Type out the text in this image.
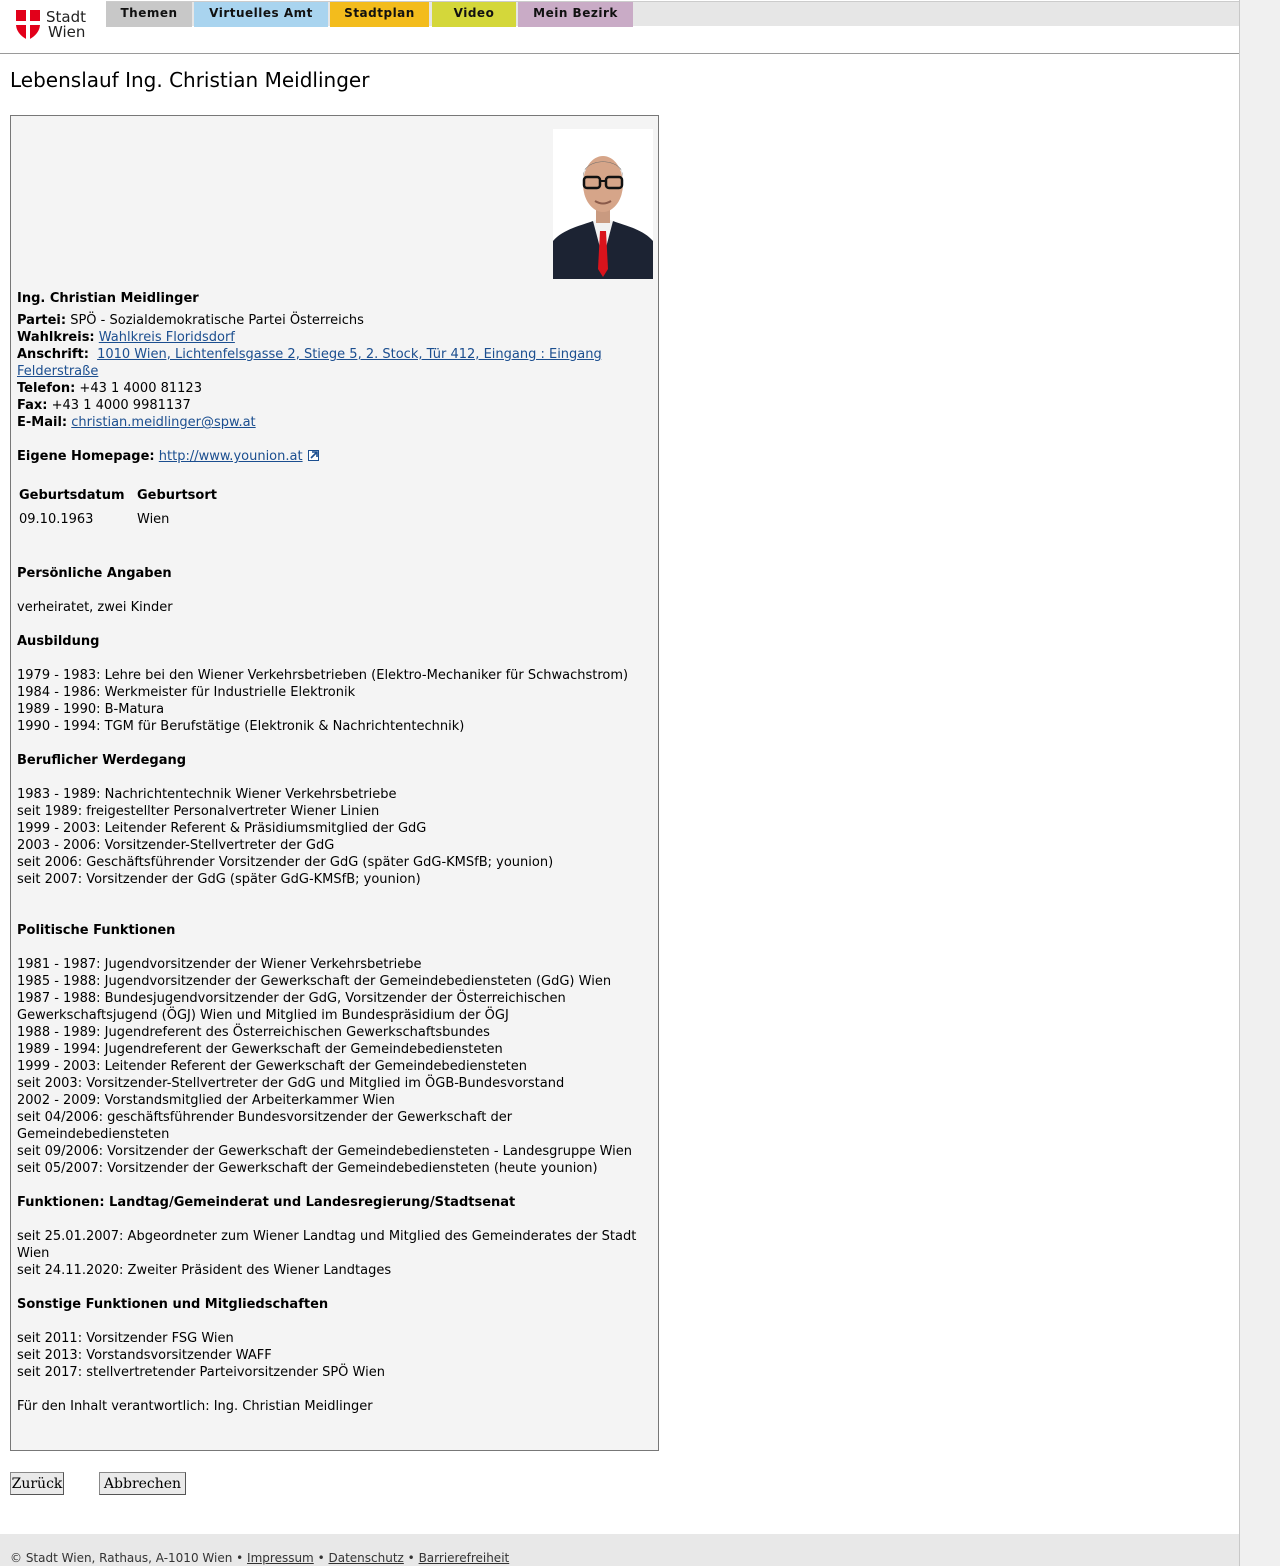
Stadt
Wien
Themen	Virtuelles Amt	Stadtplan	Video	Mein Bezirk
Lebenslauf Ing. Christian Meidlinger
Ing. Christian Meidlinger
Partei: SPÖ - Sozialdemokratische Partei Österreichs
Wahlkreis: Wahlkreis Floridsdorf
Anschrift: 1010 Wien, Lichtenfelsgasse 2, Stiege 5, 2. Stock, Tür 412, Eingang : Eingang
Felderstraße
Telefon: +43 1 4000 81123
Fax: +43 1 4000 9981137
E-Mail: christian.meidlinger@spw.at
Eigene Homepage: http://www.younion.at
Geburtsdatum Geburtsort
09.10.1963	Wien
Persönliche Angaben
verheiratet, zwei Kinder
Ausbildung
1979 - 1983: Lehre bei den Wiener Verkehrsbetrieben (Elektro-Mechaniker für Schwachstrom)
1984 - 1986: Werkmeister für Industrielle Elektronik
1989 - 1990: B-Matura
1990 - 1994: TGM für Berufstätige (Elektronik & Nachrichtentechnik)
Beruflicher Werdegang
1983 - 1989: Nachrichtentechnik Wiener Verkehrsbetriebe
seit 1989: freigestellter Personalvertreter Wiener Linien
1999 - 2003: Leitender Referent & Präsidiumsmitglied der GdG
2003 - 2006: Vorsitzender-Stellvertreter der GdG
seit 2006: Geschäftsführender Vorsitzender der GdG (später GdG-KMSfB; younion)
seit 2007: Vorsitzender der GdG (später GdG-KMSfB; younion)
Politische Funktionen
1981 - 1987: Jugendvorsitzender der Wiener Verkehrsbetriebe
1985 - 1988: Jugendvorsitzender der Gewerkschaft der Gemeindebediensteten (GdG) Wien
1987 - 1988: Bundesjugendvorsitzender der GdG, Vorsitzender der Österreichischen
Gewerkschaftsjugend (ÖGJ) Wien und Mitglied im Bundespräsidium der ÖGJ
1988 - 1989: Jugendreferent des Österreichischen Gewerkschaftsbundes
1989 - 1994: Jugendreferent der Gewerkschaft der Gemeindebediensteten
1999 - 2003: Leitender Referent der Gewerkschaft der Gemeindebediensteten
seit 2003: Vorsitzender-Stellvertreter der GdG und Mitglied im ÖGB-Bundesvorstand
2002 - 2009: Vorstandsmitglied der Arbeiterkammer Wien
seit 04/2006: geschäftsführender Bundesvorsitzender der Gewerkschaft der
Gemeindebediensteten
seit 09/2006: Vorsitzender der Gewerkschaft der Gemeindebediensteten - Landesgruppe Wien
seit 05/2007: Vorsitzender der Gewerkschaft der Gemeindebediensteten (heute younion)
Funktionen: Landtag/Gemeinderat und Landesregierung/Stadtsenat
seit 25.01.2007: Abgeordneter zum Wiener Landtag und Mitglied des Gemeinderates der Stadt
Wien
seit 24.11.2020: Zweiter Präsident des Wiener Landtages
Sonstige Funktionen und Mitgliedschaften
seit 2011: Vorsitzender FSG Wien
seit 2013: Vorstandsvorsitzender WAFF
seit 2017: stellvertretender Parteivorsitzender SPÖ Wien
Für den Inhalt verantwortlich: Ing. Christian Meidlinger
Zurück	Abbrechen
© Stadt Wien, Rathaus, A-1010 Wien • Impressum • Datenschutz • Barrierefreiheit
